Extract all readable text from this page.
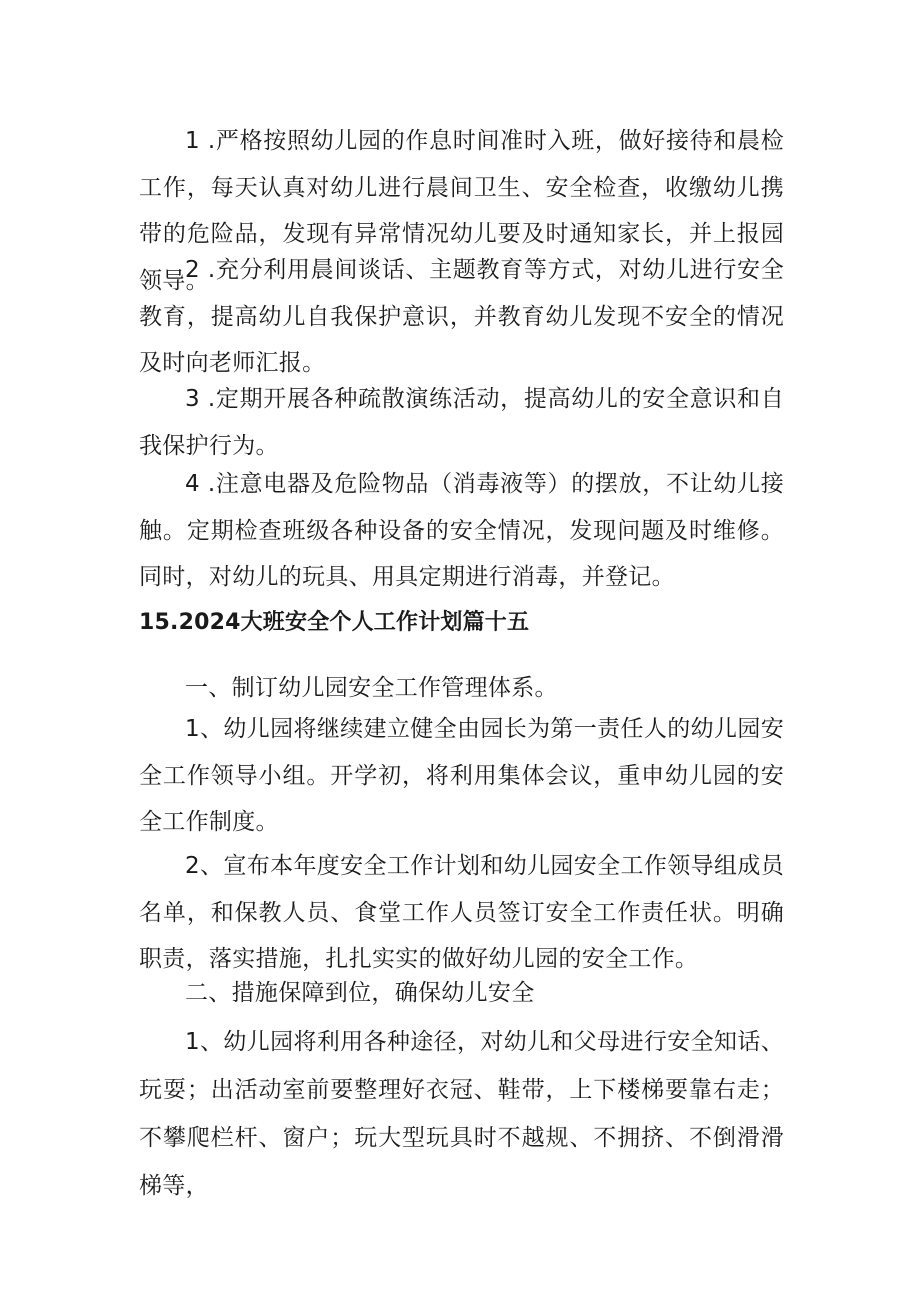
1 .严格按照幼儿园的作息时间准时入班，做好接待和晨检工作，每天认真对幼儿进行晨间卫生、安全检查，收缴幼儿携带的危险品，发现有异常情况幼儿要及时通知家长，并上报园领导。

2 .充分利用晨间谈话、主题教育等方式，对幼儿进行安全教育，提高幼儿自我保护意识，并教育幼儿发现不安全的情况及时向老师汇报。

3 .定期开展各种疏散演练活动，提高幼儿的安全意识和自我保护行为。

4 .注意电器及危险物品（消毒液等）的摆放，不让幼儿接触。定期检查班级各种设备的安全情况，发现问题及时维修。同时，对幼儿的玩具、用具定期进行消毒，并登记。

15.2024大班安全个人工作计划篇十五

一、制订幼儿园安全工作管理体系。

1、幼儿园将继续建立健全由园长为第一责任人的幼儿园安全工作领导小组。开学初，将利用集体会议，重申幼儿园的安全工作制度。

2、宣布本年度安全工作计划和幼儿园安全工作领导组成员名单，和保教人员、食堂工作人员签订安全工作责任状。明确职责，落实措施，扎扎实实的做好幼儿园的安全工作。

二、措施保障到位，确保幼儿安全

1、幼儿园将利用各种途径，对幼儿和父母进行安全知话、玩耍；出活动室前要整理好衣冠、鞋带，上下楼梯要靠右走；不攀爬栏杆、窗户；玩大型玩具时不越规、不拥挤、不倒滑滑梯等，
